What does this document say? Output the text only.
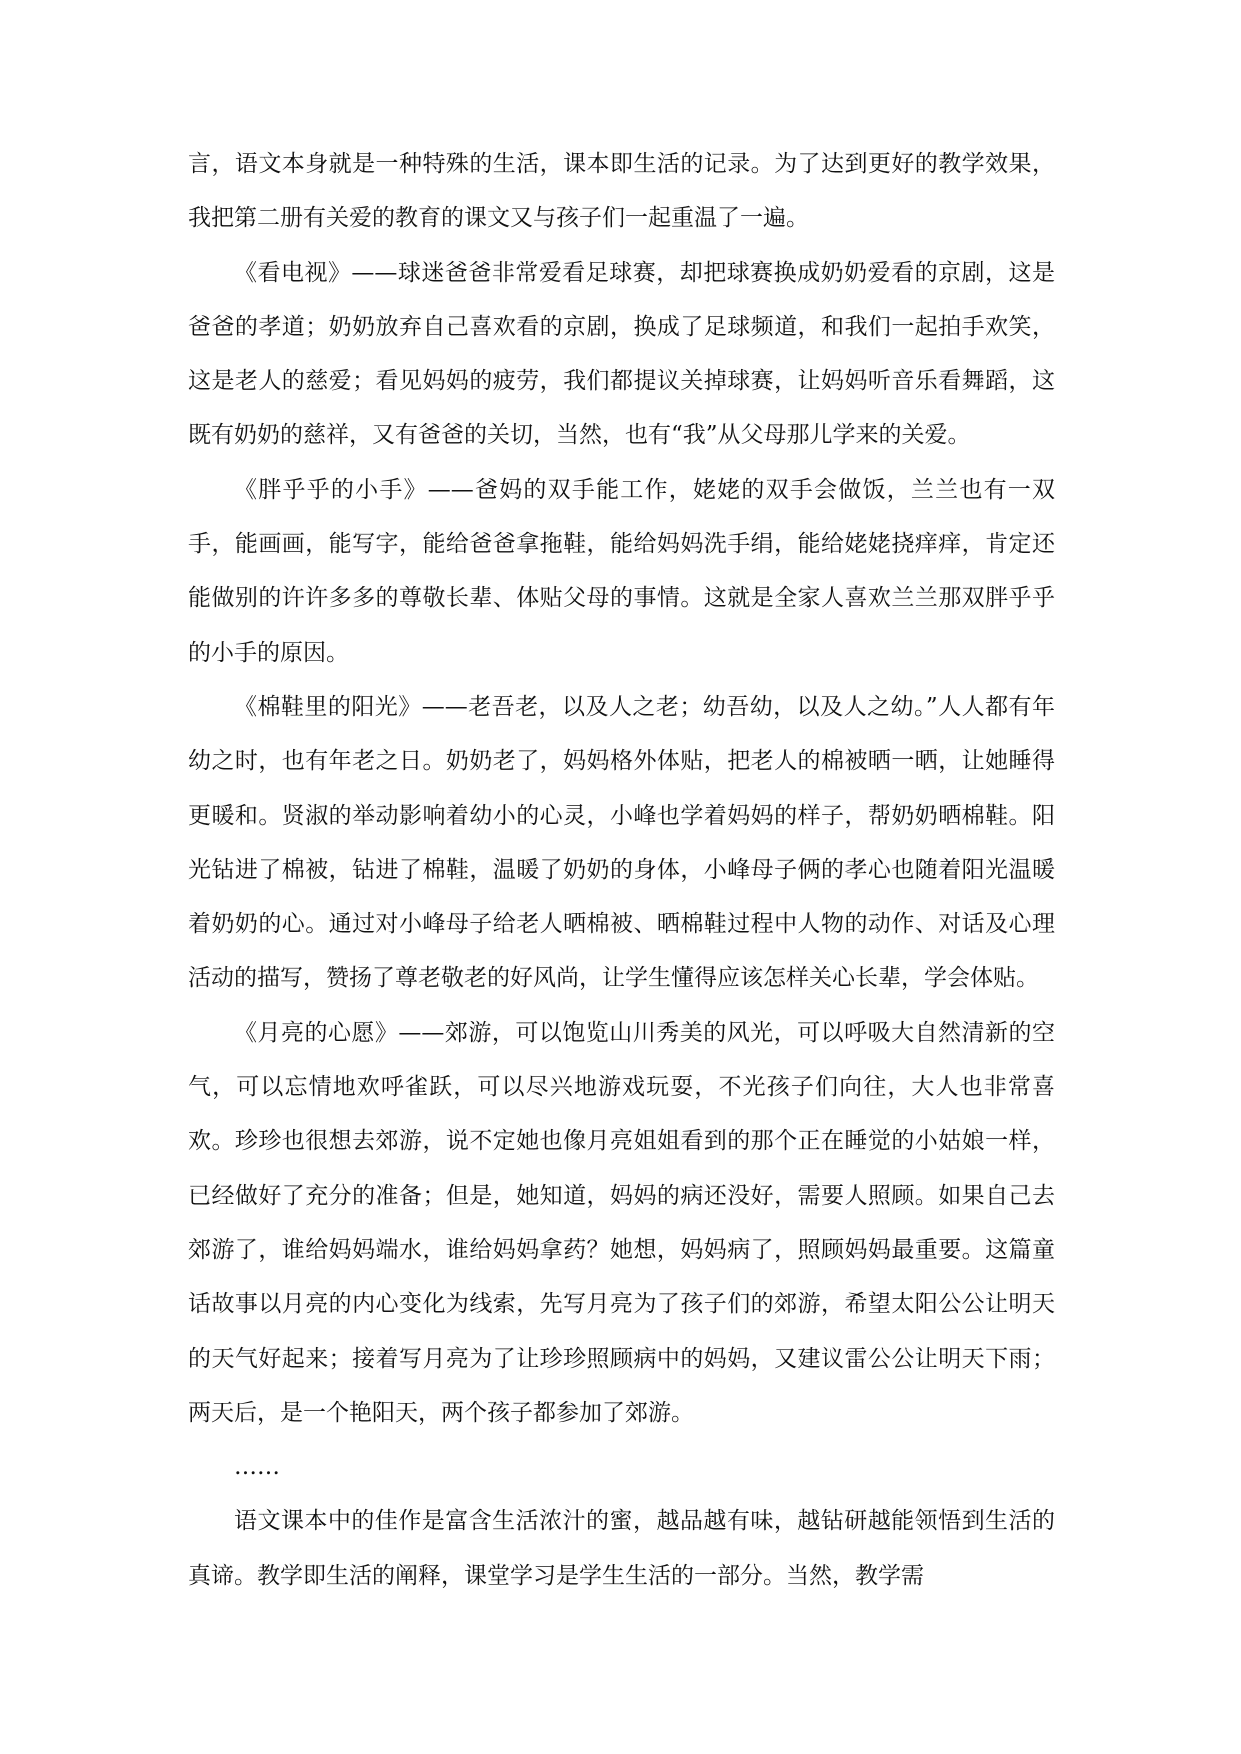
言，语文本身就是一种特殊的生活，课本即生活的记录。为了达到更好的教学效果，我把第二册有关爱的教育的课文又与孩子们一起重温了一遍。

《看电视》——球迷爸爸非常爱看足球赛，却把球赛换成奶奶爱看的京剧，这是爸爸的孝道；奶奶放弃自己喜欢看的京剧，换成了足球频道，和我们一起拍手欢笑，这是老人的慈爱；看见妈妈的疲劳，我们都提议关掉球赛，让妈妈听音乐看舞蹈，这既有奶奶的慈祥，又有爸爸的关切，当然，也有“我”从父母那儿学来的关爱。

《胖乎乎的小手》——爸妈的双手能工作，姥姥的双手会做饭，兰兰也有一双手，能画画，能写字，能给爸爸拿拖鞋，能给妈妈洗手绢，能给姥姥挠痒痒，肯定还能做别的许许多多的尊敬长辈、体贴父母的事情。这就是全家人喜欢兰兰那双胖乎乎的小手的原因。

《棉鞋里的阳光》——老吾老，以及人之老；幼吾幼，以及人之幼。”人人都有年幼之时，也有年老之日。奶奶老了，妈妈格外体贴，把老人的棉被晒一晒，让她睡得更暖和。贤淑的举动影响着幼小的心灵，小峰也学着妈妈的样子，帮奶奶晒棉鞋。阳光钻进了棉被，钻进了棉鞋，温暖了奶奶的身体，小峰母子俩的孝心也随着阳光温暖着奶奶的心。通过对小峰母子给老人晒棉被、晒棉鞋过程中人物的动作、对话及心理活动的描写，赞扬了尊老敬老的好风尚，让学生懂得应该怎样关心长辈，学会体贴。

《月亮的心愿》——郊游，可以饱览山川秀美的风光，可以呼吸大自然清新的空气，可以忘情地欢呼雀跃，可以尽兴地游戏玩耍，不光孩子们向往，大人也非常喜欢。珍珍也很想去郊游，说不定她也像月亮姐姐看到的那个正在睡觉的小姑娘一样，已经做好了充分的准备；但是，她知道，妈妈的病还没好，需要人照顾。如果自己去郊游了，谁给妈妈端水，谁给妈妈拿药？她想，妈妈病了，照顾妈妈最重要。这篇童话故事以月亮的内心变化为线索，先写月亮为了孩子们的郊游，希望太阳公公让明天的天气好起来；接着写月亮为了让珍珍照顾病中的妈妈，又建议雷公公让明天下雨；两天后，是一个艳阳天，两个孩子都参加了郊游。

……

语文课本中的佳作是富含生活浓汁的蜜，越品越有味，越钻研越能领悟到生活的真谛。教学即生活的阐释，课堂学习是学生生活的一部分。当然，教学需
